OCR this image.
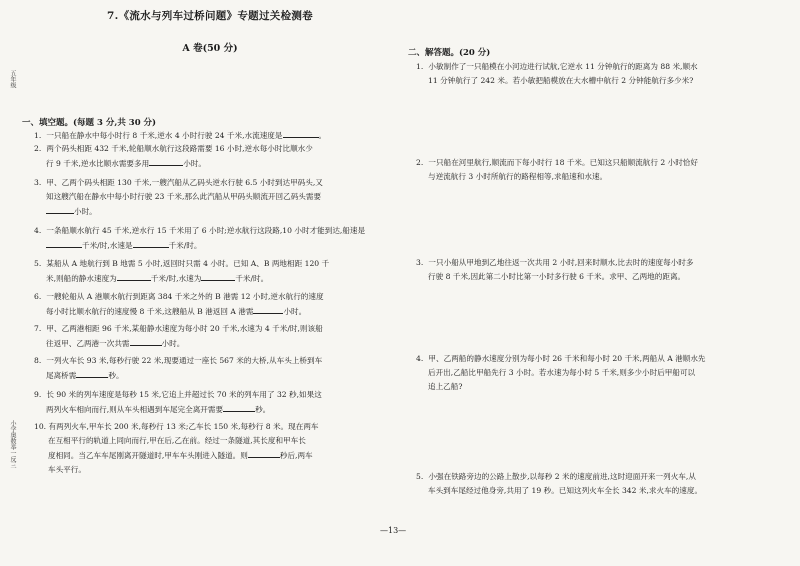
五年级
小学奥数举一反三
7.《流水与列车过桥问题》专题过关检测卷
A 卷(50 分)
一、填空题。(每题 3 分,共 30 分)
1. 一只船在静水中每小时行 8 千米,逆水 4 小时行驶 24 千米,水流速度是	。
2. 两个码头相距 432 千米,轮船顺水航行这段路需要 16 小时,逆水每小时比顺水少
行 9 千米,逆水比顺水需要多用	小时。
3. 甲、乙两个码头相距 130 千米,一艘汽船从乙码头逆水行驶 6.5 小时到达甲码头,又
知这艘汽船在静水中每小时行驶 23 千米,那么此汽船从甲码头顺流开回乙码头需要
小时。
4. 一条船顺水航行 45 千米,逆水行 15 千米用了 6 小时;逆水航行这段路,10 小时才能到达,船速是
千米/时,水速是	千米/时。
5. 某船从 A 地航行到 B 地需 5 小时,返回时只需 4 小时。已知 A、B 两地相距 120 千
米,则船的静水速度为	千米/时,水速为	千米/时。
6. 一艘轮船从 A 港顺水航行到距离 384 千米之外的 B 港需 12 小时,逆水航行的速度
每小时比顺水航行的速度慢 8 千米,这艘船从 B 港返回 A 港需	小时。
7. 甲、乙两港相距 96 千米,某船静水速度为每小时 20 千米,水速为 4 千米/时,则该船
往返甲、乙两港一次共需	小时。
8. 一列火车长 93 米,每秒行驶 22 米,现要通过一座长 567 米的大桥,从车头上桥到车
尾离桥需	秒。
9. 长 90 米的列车速度是每秒 15 米,它追上并超过长 70 米的列车用了 32 秒,如果这
两列火车相向而行,则从车头相遇到车尾完全离开需要	秒。
10. 有两列火车,甲车长 200 米,每秒行 13 米;乙车长 150 米,每秒行 8 米。现在两车
在互相平行的轨道上同向而行,甲在后,乙在前。经过一条隧道,其长度和甲车长
度相同。当乙车车尾刚离开隧道时,甲车车头刚进入隧道。则	秒后,两车
车头平行。
二、解答题。(20 分)
1. 小敏制作了一只船模在小河边进行试航,它逆水 11 分钟航行的距离为 88 米,顺水
11 分钟航行了 242 米。若小敏把船模放在大水槽中航行 2 分钟能航行多少米?
2. 一只船在河里航行,顺流而下每小时行 18 千米。已知这只船顺流航行 2 小时恰好
与逆流航行 3 小时所航行的路程相等,求船速和水速。
3. 一只小船从甲地到乙地往返一次共用 2 小时,回来时顺水,比去时的速度每小时多
行驶 8 千米,因此第二小时比第一小时多行驶 6 千米。求甲、乙两地的距离。
4. 甲、乙两船的静水速度分别为每小时 26 千米和每小时 20 千米,两船从 A 港顺水先
后开出,乙船比甲船先行 3 小时。若水速为每小时 5 千米,则多少小时后甲船可以
追上乙船?
5. 小强在铁路旁边的公路上散步,以每秒 2 米的速度前进,这时迎面开来一列火车,从
车头到车尾经过他身旁,共用了 19 秒。已知这列火车全长 342 米,求火车的速度。
—13—
